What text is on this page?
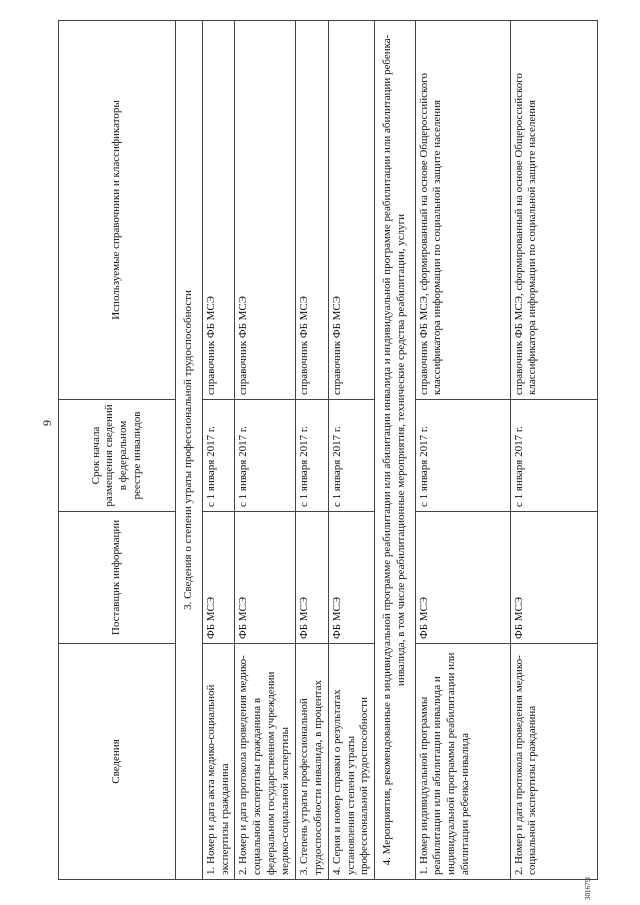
9
301679l
Сведения	Поставщик информации	Срок начала размещения сведений в федеральном реестре инвалидов	Используемые справочники и классификаторы
3. Сведения о степени утраты профессиональной трудоспособности			
1. Номер и дата акта медико-социальной экспертизы гражданина	ФБ МСЭ	с 1 января 2017 г.	справочник ФБ МСЭ
2. Номер и дата протокола проведения медико-социальной экспертизы гражданина в федеральном государственном учреждении медико-социальной экспертизы	ФБ МСЭ	с 1 января 2017 г.	справочник ФБ МСЭ
3. Степень утраты профессиональной трудоспособности инвалида, в процентах	ФБ МСЭ	с 1 января 2017 г.	справочник ФБ МСЭ
4. Серия и номер справки о результатах установления степени утраты профессиональной трудоспособности	ФБ МСЭ	с 1 января 2017 г.	справочник ФБ МСЭ
4. Мероприятия, рекомендованные в индивидуальной программе реабилитации или абилитации инвалида и индивидуальной программе реабилитации или абилитации ребенка-инвалида, в том числе реабилитационные мероприятия, технические средства реабилитации, услуги			
1. Номер индивидуальной программы реабилитации или абилитации инвалида и индивидуальной программы реабилитации или абилитации ребенка-инвалида	ФБ МСЭ	с 1 января 2017 г.	справочник ФБ МСЭ, сформированный на основе Общероссийского классификатора информации по социальной защите населения
2. Номер и дата протокола проведения медико-социальной экспертизы гражданина	ФБ МСЭ	с 1 января 2017 г.	справочник ФБ МСЭ, сформированный на основе Общероссийского классификатора информации по социальной защите населения
